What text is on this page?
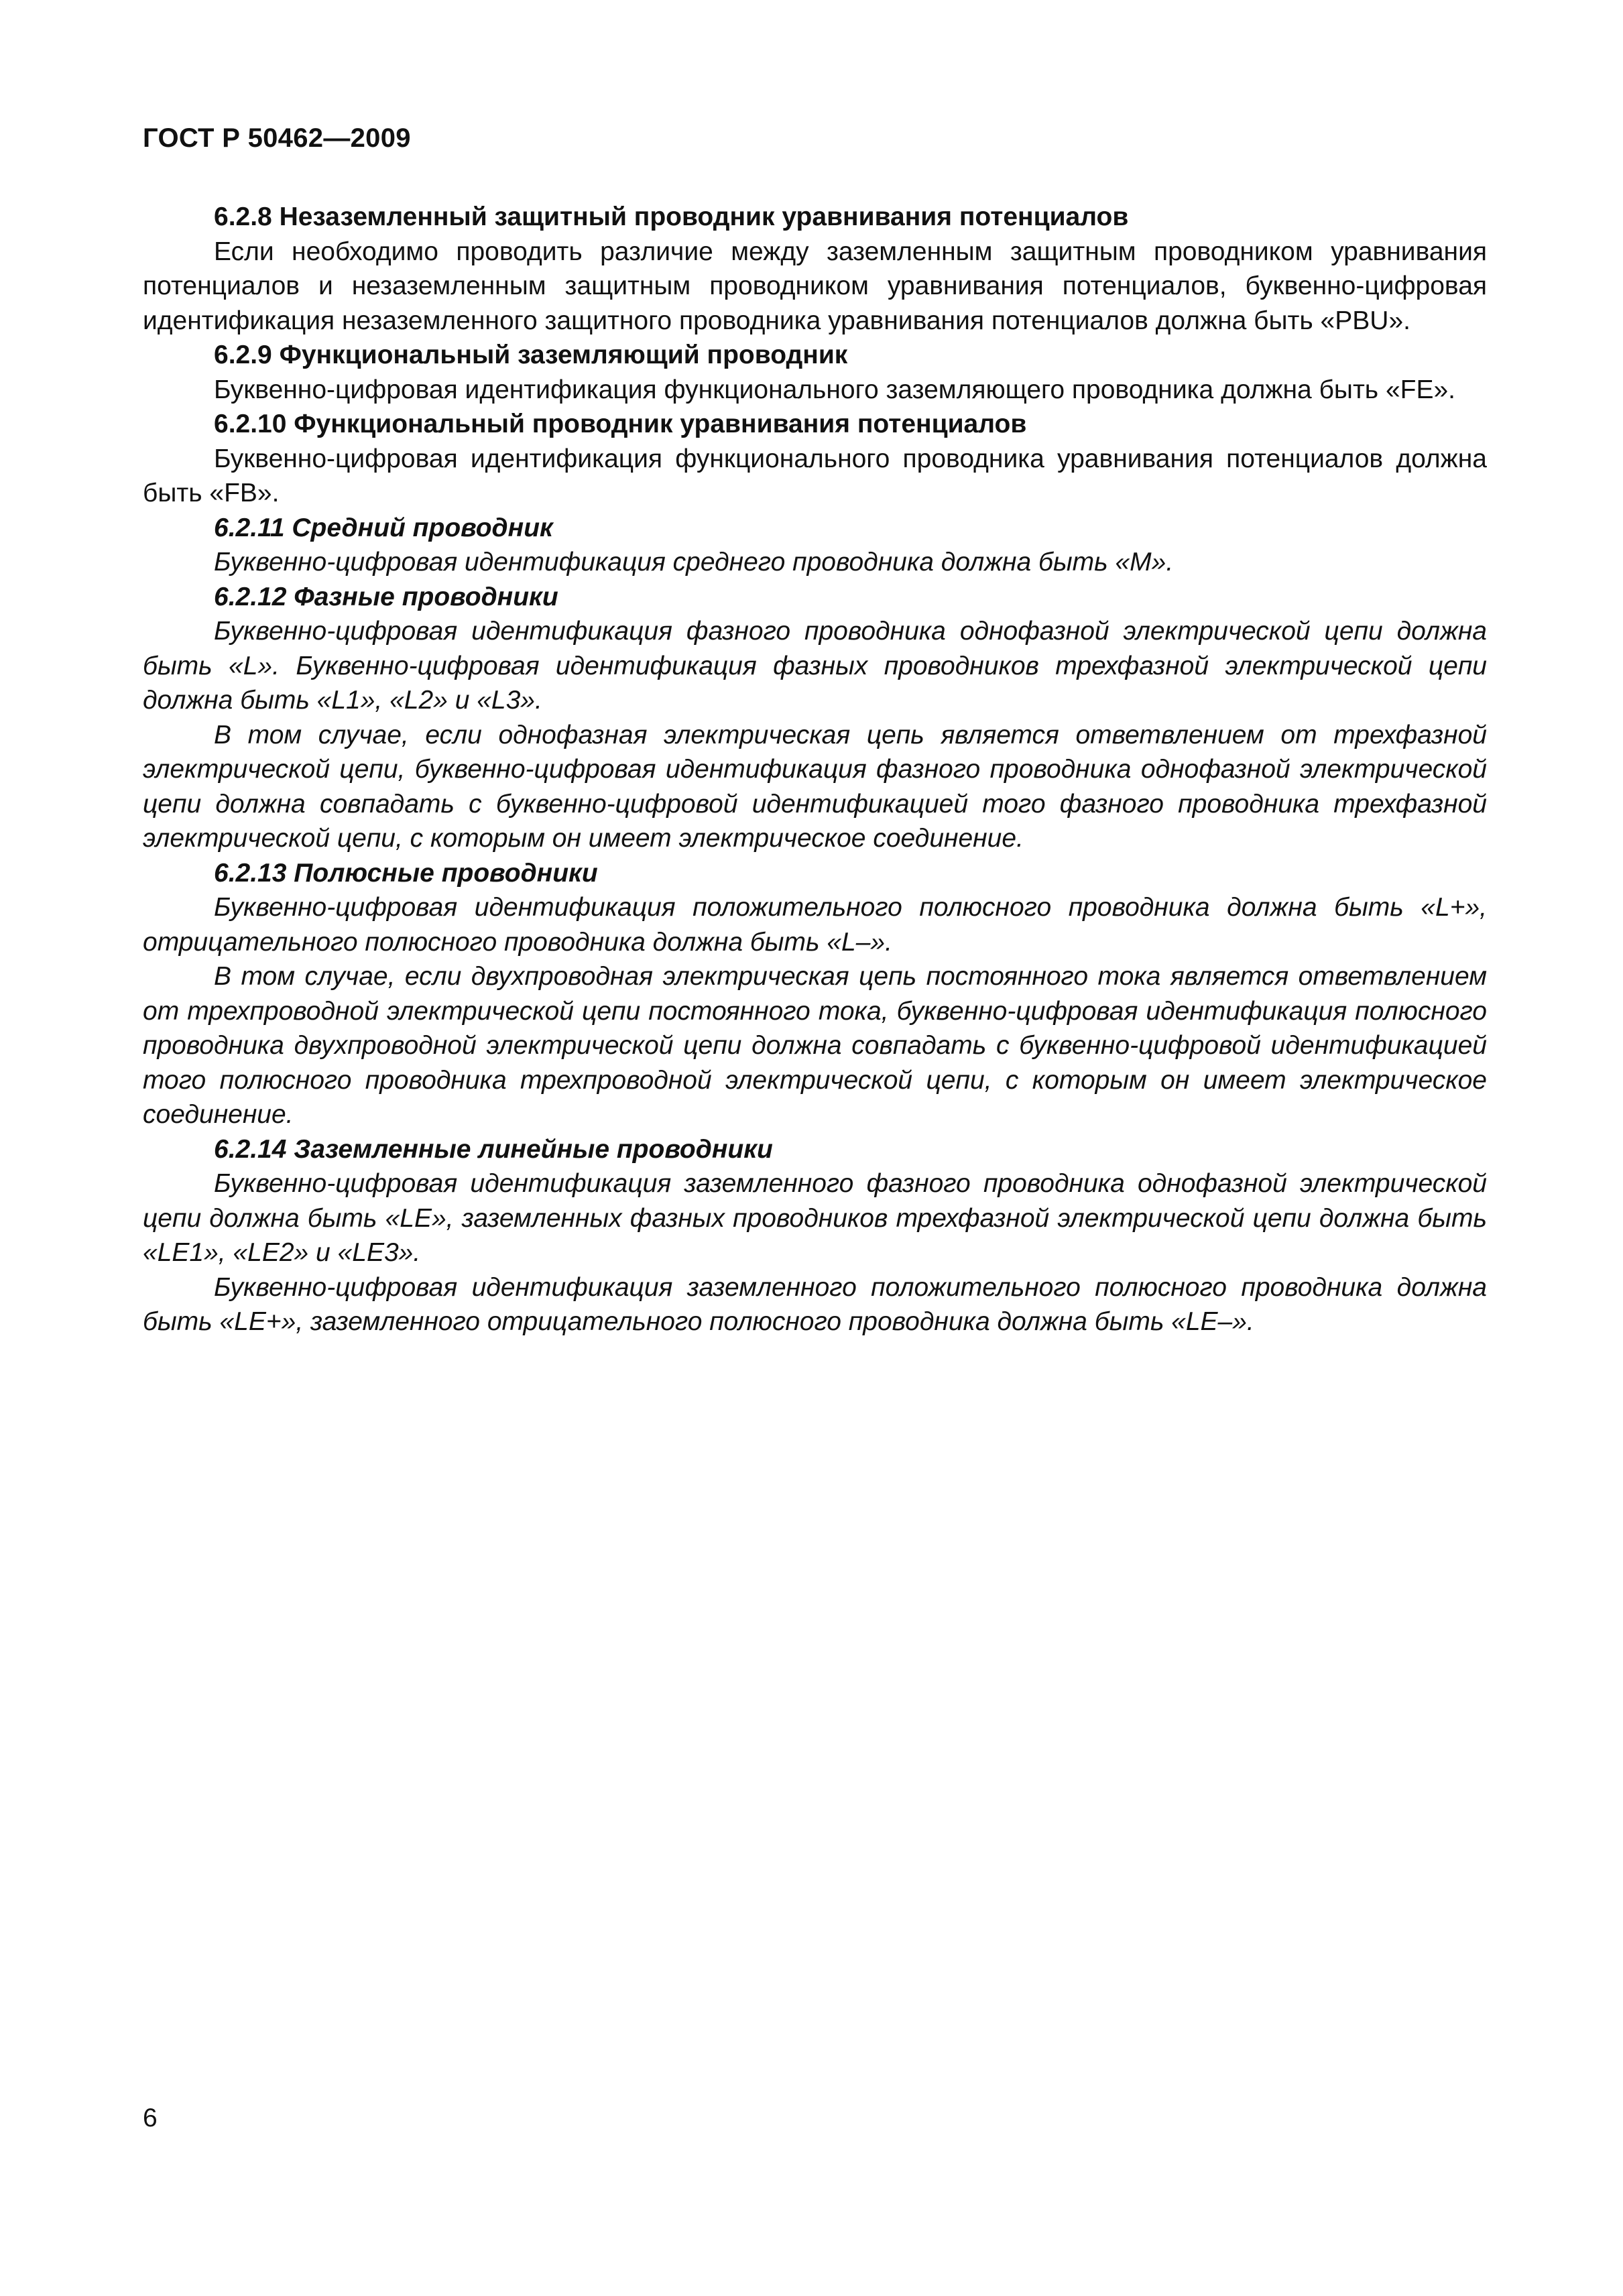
ГОСТ Р 50462—2009

6.2.8 Незаземленный защитный проводник уравнивания потенциалов

Если необходимо проводить различие между заземленным защитным проводником уравнивания потенциалов и незаземленным защитным проводником уравнивания потенциалов, буквенно-цифровая идентификация незаземленного защитного проводника уравнивания потенциалов должна быть «PBU».

6.2.9 Функциональный заземляющий проводник

Буквенно-цифровая идентификация функционального заземляющего проводника должна быть «FE».

6.2.10 Функциональный проводник уравнивания потенциалов

Буквенно-цифровая идентификация функционального проводника уравнивания потенциалов должна быть «FB».

6.2.11 Средний проводник

Буквенно-цифровая идентификация среднего проводника должна быть «M».

6.2.12 Фазные проводники

Буквенно-цифровая идентификация фазного проводника однофазной электрической цепи должна быть «L». Буквенно-цифровая идентификация фазных проводников трехфазной электрической цепи должна быть «L1», «L2» и «L3».

В том случае, если однофазная электрическая цепь является ответвлением от трехфазной электрической цепи, буквенно-цифровая идентификация фазного проводника однофазной электрической цепи должна совпадать с буквенно-цифровой идентификацией того фазного проводника трехфазной электрической цепи, с которым он имеет электрическое соединение.

6.2.13 Полюсные проводники

Буквенно-цифровая идентификация положительного полюсного проводника должна быть «L+», отрицательного полюсного проводника должна быть «L–».

В том случае, если двухпроводная электрическая цепь постоянного тока является ответвлением от трехпроводной электрической цепи постоянного тока, буквенно-цифровая идентификация полюсного проводника двухпроводной электрической цепи должна совпадать с буквенно-цифровой идентификацией того полюсного проводника трехпроводной электрической цепи, с которым он имеет электрическое соединение.

6.2.14 Заземленные линейные проводники

Буквенно-цифровая идентификация заземленного фазного проводника однофазной электрической цепи должна быть «LE», заземленных фазных проводников трехфазной электрической цепи должна быть «LE1», «LE2» и «LE3».

Буквенно-цифровая идентификация заземленного положительного полюсного проводника должна быть «LE+», заземленного отрицательного полюсного проводника должна быть «LE–».

6
